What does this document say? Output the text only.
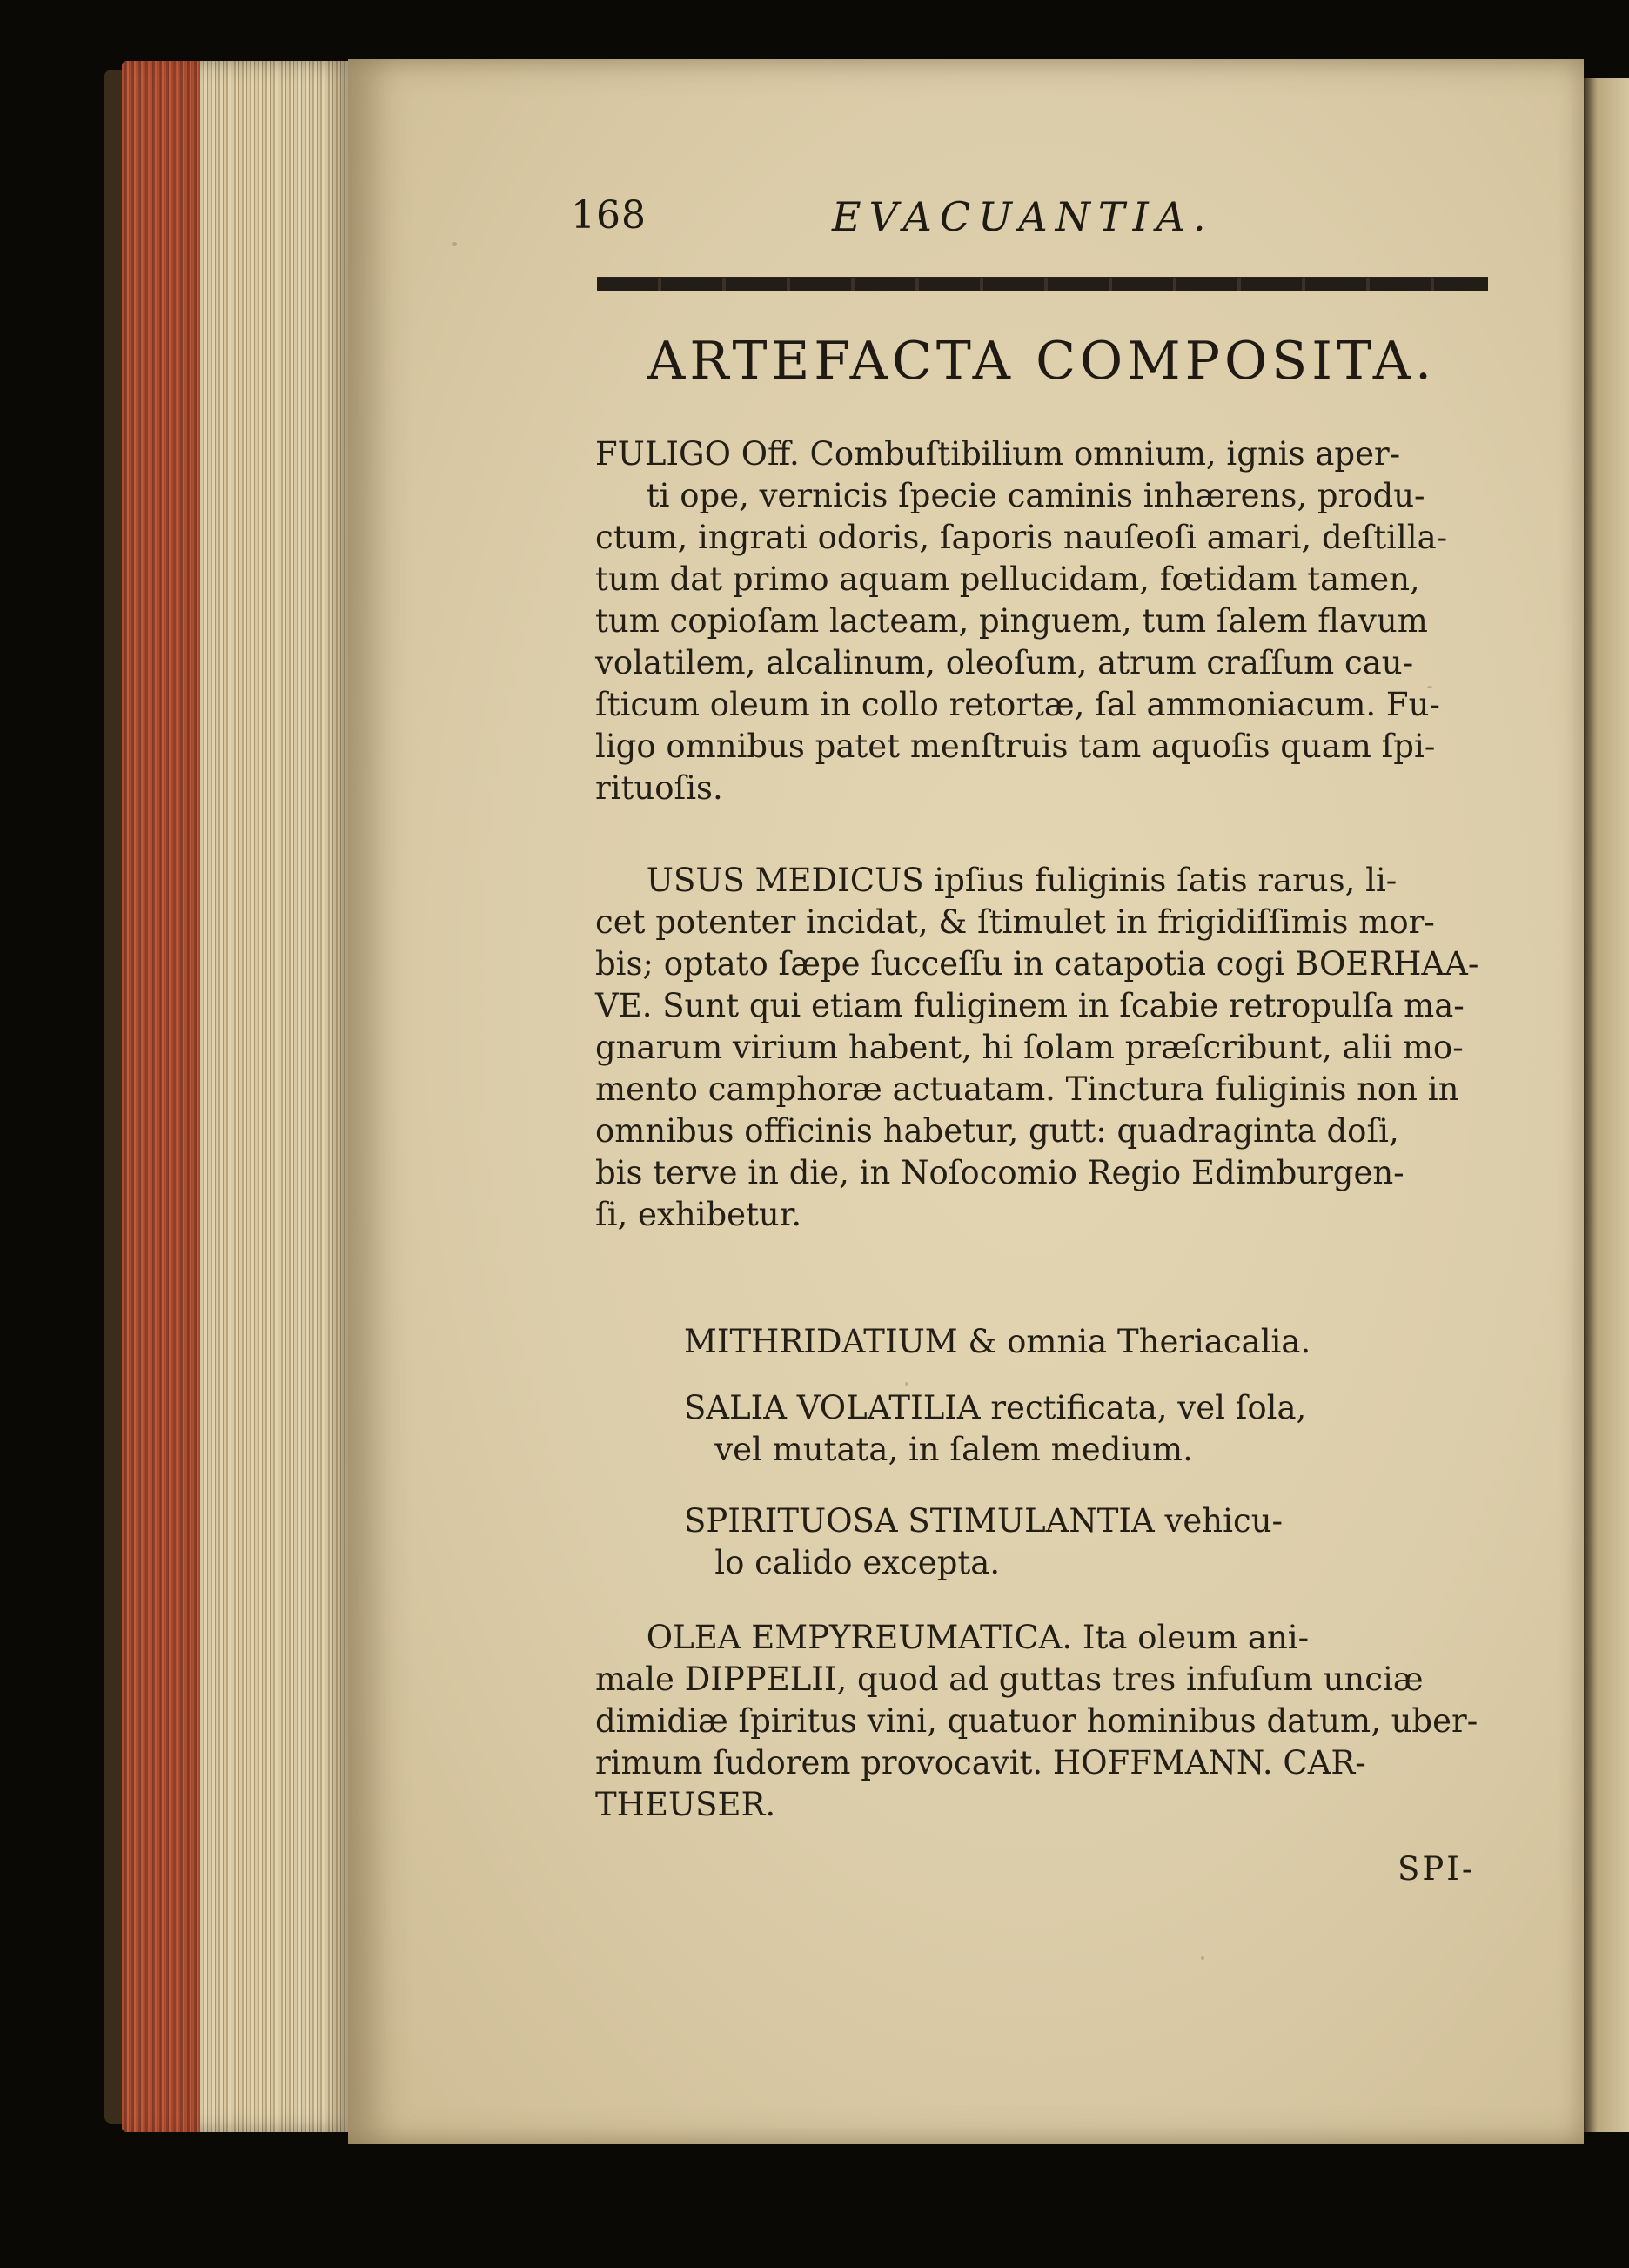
168	EVACUANTIA.
ARTEFACTA COMPOSITA.
FULIGO Off. Combuſtibilium omnium, ignis aper-
ti ope, vernicis ſpecie caminis inhærens, produ-
ctum, ingrati odoris, ſaporis nauſeoſi amari, deſtilla-
tum dat primo aquam pellucidam, fœtidam tamen,
tum copioſam lacteam, pinguem, tum ſalem flavum
volatilem, alcalinum, oleoſum, atrum craſſum cau-
ſticum oleum in collo retortæ, ſal ammoniacum. Fu-
ligo omnibus patet menſtruis tam aquoſis quam ſpi-
rituoſis.
USUS MEDICUS ipſius fuliginis ſatis rarus, li-
cet potenter incidat, & ſtimulet in frigidiſſimis mor-
bis; optato ſæpe ſucceſſu in catapotia cogi BOERHAA-
VE. Sunt qui etiam fuliginem in ſcabie retropulſa ma-
gnarum virium habent, hi ſolam præſcribunt, alii mo-
mento camphoræ actuatam. Tinctura fuliginis non in
omnibus officinis habetur, gutt: quadraginta doſi,
bis terve in die, in Noſocomio Regio Edimburgen-
ſi, exhibetur.
MITHRIDATIUM & omnia Theriacalia.
SALIA VOLATILIA rectificata, vel ſola,
vel mutata, in ſalem medium.
SPIRITUOSA STIMULANTIA vehicu-
lo calido excepta.
OLEA EMPYREUMATICA. Ita oleum ani-
male DIPPELII, quod ad guttas tres infuſum unciæ
dimidiæ ſpiritus vini, quatuor hominibus datum, uber-
rimum ſudorem provocavit. HOFFMANN. CAR-
THEUSER.
SPI-
